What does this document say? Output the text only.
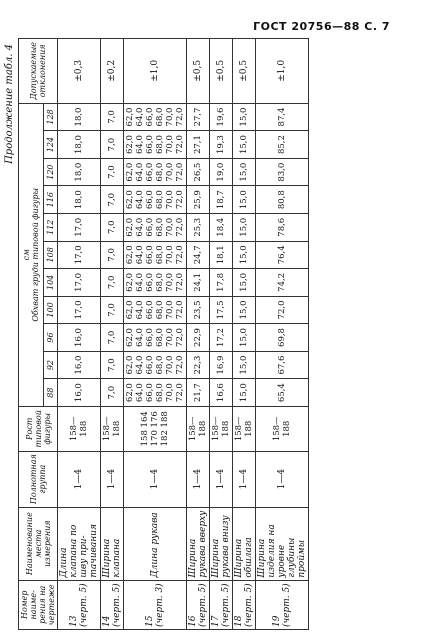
ГОСТ 20756—88 С. 7
Продолжение табл. 4
Номер наиме-рения на чертеже	Наименование места измерения	Полнотная группа	Рост типовой фигуры	см
Обхват груди типовой фигуры											Допускаемые отклонения
				88	92	96	100	104	108	112	116	120	124	128	
13 (черт. 5)	Длина клапана по шву при-тачивания	1—4	158—188	16,0	16,0	16,0	17,0	17,0	17,0	17,0	18,0	18,0	18,0	18,0	±0,3
14 (черт. 5)	Ширина клапана	1—4	158—188	7,0	7,0	7,0	7,0	7,0	7,0	7,0	7,0	7,0	7,0	7,0	±0,2
15 (черт. 3)	Длина рукава	1—4	158 164 170 176 182 188	62,0 64,0 66,0 68,0 70,0 72,0	62,0 64,0 66,0 68,0 70,0 72,0	62,0 64,0 66,0 68,0 70,0 72,0	62,0 64,0 66,0 68,0 70,0 72,0	62,0 64,0 66,0 68,0 70,0 72,0	62,0 64,0 66,0 68,0 70,0 72,0	62,0 64,0 66,0 68,0 70,0 72,0	62,0 64,0 66,0 68,0 70,0 72,0	62,0 64,0 66,0 68,0 70,0 72,0	62,0 64,0 66,0 68,0 70,0 72,0	62,0 64,0 66,0 68,0 70,0 72,0	±1,0
16 (черт. 5)	Ширина рукава вверху	1—4	158—188	21,7	22,3	22,9	23,5	24,1	24,7	25,3	25,9	26,5	27,1	27,7	±0,5
17 (черт. 5)	Ширина рукава внизу	1—4	158—188	16,6	16,9	17,2	17,5	17,8	18,1	18,4	18,7	19,0	19,3	19,6	±0,5
18 (черт. 5)	Ширина обшлага	1—4	158—188	15,0	15,0	15,0	15,0	15,0	15,0	15,0	15,0	15,0	15,0	15,0	±0,5
19 (черт. 5)	Ширина изделия на уровне глубины проймы	1—4	158—188	65,4	67,6	69,8	72,0	74,2	76,4	78,6	80,8	83,0	85,2	87,4	±1,0
